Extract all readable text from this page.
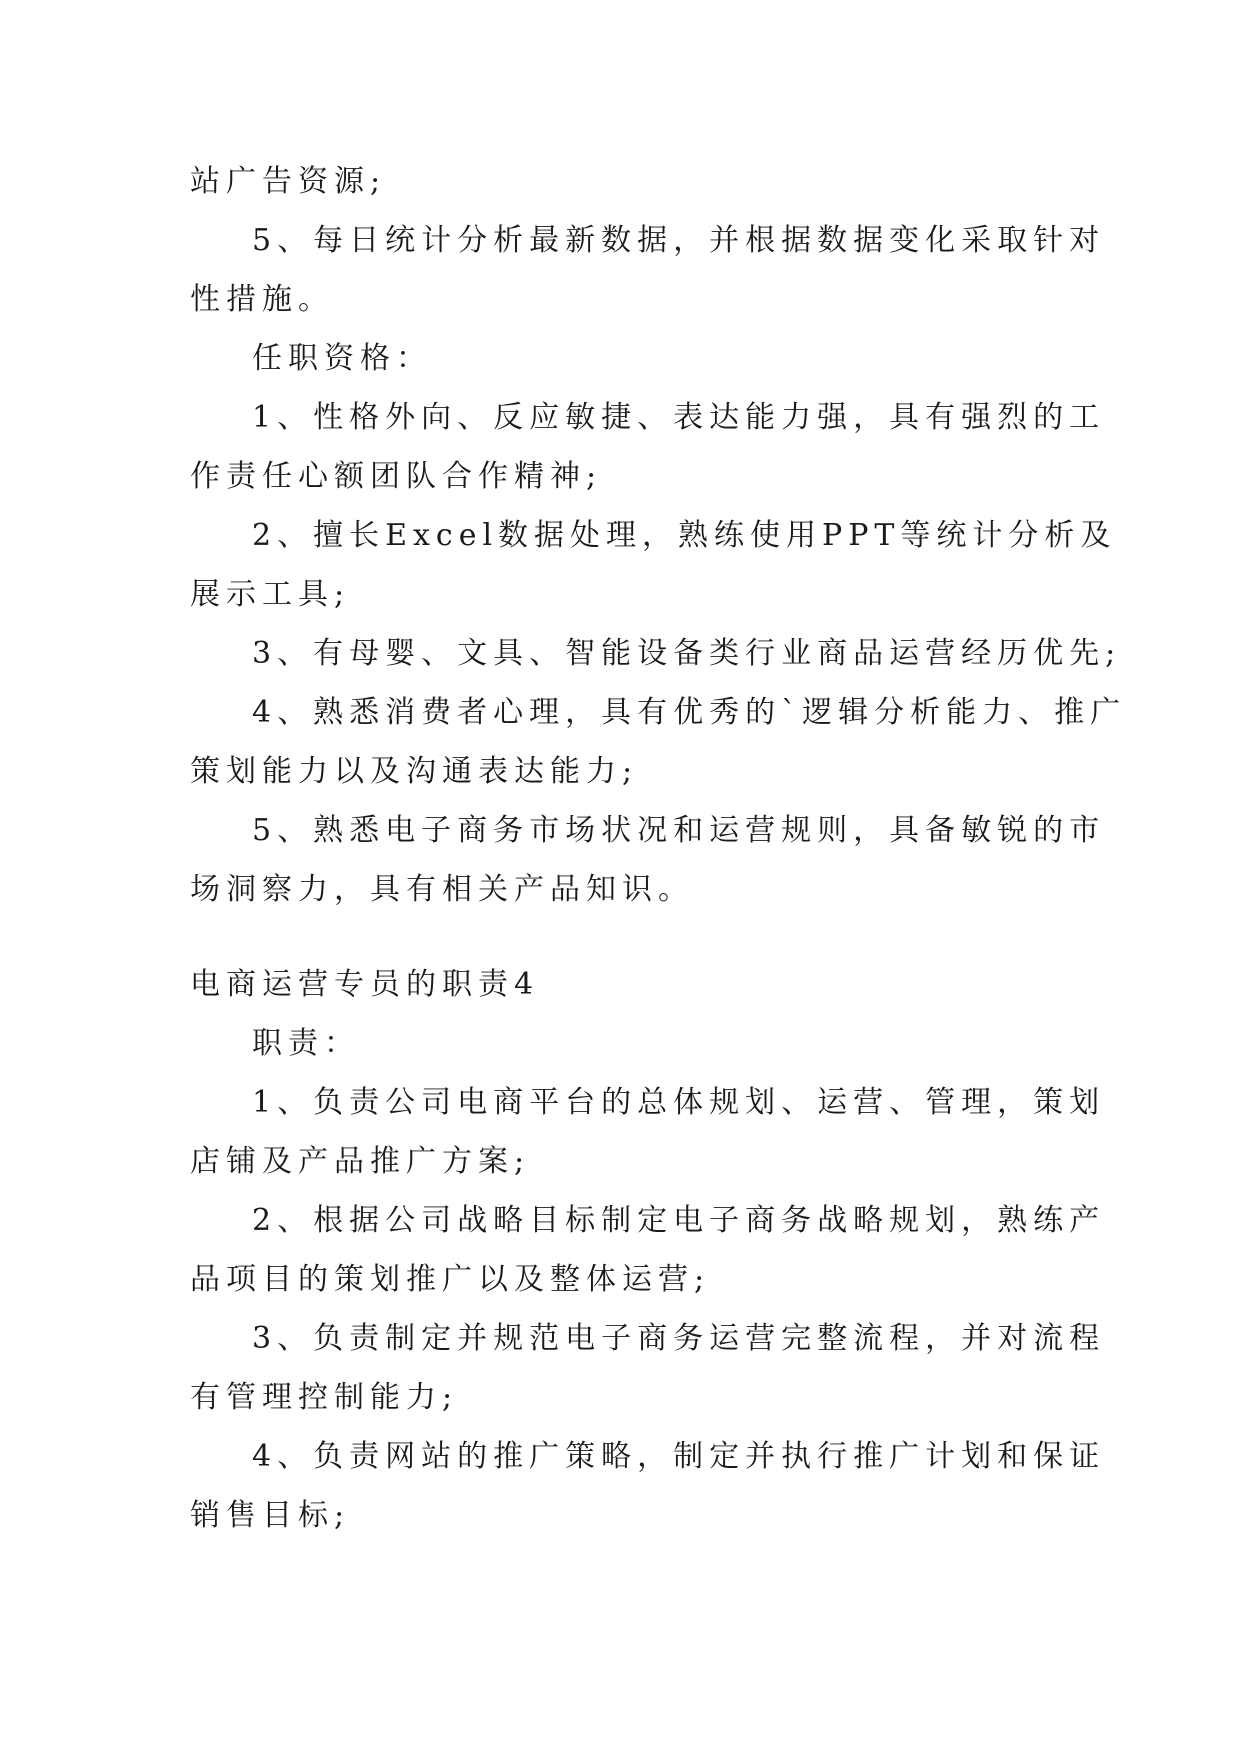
站广告资源;
5、每日统计分析最新数据，并根据数据变化采取针对
性措施。
任职资格：
1、性格外向、反应敏捷、表达能力强，具有强烈的工
作责任心额团队合作精神;
2、擅长Excel数据处理，熟练使用PPT等统计分析及
展示工具;
3、有母婴、文具、智能设备类行业商品运营经历优先;
4、熟悉消费者心理，具有优秀的`逻辑分析能力、推广
策划能力以及沟通表达能力;
5、熟悉电子商务市场状况和运营规则，具备敏锐的市
场洞察力，具有相关产品知识。
电商运营专员的职责4
职责：
1、负责公司电商平台的总体规划、运营、管理，策划
店铺及产品推广方案;
2、根据公司战略目标制定电子商务战略规划，熟练产
品项目的策划推广以及整体运营;
3、负责制定并规范电子商务运营完整流程，并对流程
有管理控制能力;
4、负责网站的推广策略，制定并执行推广计划和保证
销售目标;
